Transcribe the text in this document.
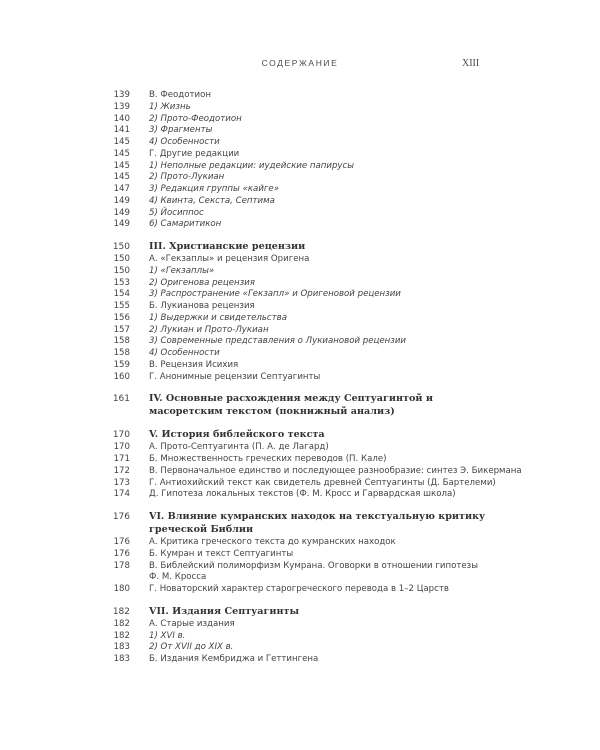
СОДЕРЖАНИЕ	XIII
139 В. Феодотион
139 1) Жизнь
140 2) Прото-Феодотион
141 3) Фрагменты
145 4) Особенности
145 Г. Другие редакции
145 1) Неполные редакции: иудейские папирусы
145 2) Прото-Лукиан
147 3) Редакция группы «кайге»
149 4) Квинта, Секста, Септима
149 5) Йосиппос
149 6) Самаритикон
150 III. Христианские рецензии
150 А. «Гекзаплы» и рецензия Оригена
150 1) «Гекзаплы»
153 2) Оригенова рецензия
154 3) Распространение «Гекзапл» и Оригеновой рецензии
155 Б. Лукианова рецензия
156 1) Выдержки и свидетельства
157 2) Лукиан и Прото-Лукиан
158 3) Современные представления о Лукиановой рецензии
158 4) Особенности
159 В. Рецензия Исихия
160 Г. Анонимные рецензии Септуагинты
161 IV. Основные расхождения между Септуагинтой и масоретским текстом (покнижный анализ)
170 V. История библейского текста
170 А. Прото-Септуагинта (П. А. де Лагард)
171 Б. Множественность греческих переводов (П. Кале)
172 В. Первоначальное единство и последующее разнообразие: синтез Э. Бикермана
173 Г. Антиохийский текст как свидетель древней Септуагинты (Д. Бартелеми)
174 Д. Гипотеза локальных текстов (Ф. М. Кросс и Гарвардская школа)
176 VI. Влияние кумранских находок на текстуальную критику греческой Библии
176 А. Критика греческого текста до кумранских находок
176 Б. Кумран и текст Септуагинты
178 В. Библейский полиморфизм Кумрана. Оговорки в отношении гипотезы
Ф. М. Кросса
180 Г. Новаторский характер старогреческого перевода в 1–2 Царств
182 VII. Издания Септуагинты
182 А. Старые издания
182 1) XVI в.
183 2) От XVII до XIX в.
183 Б. Издания Кембриджа и Геттингена
